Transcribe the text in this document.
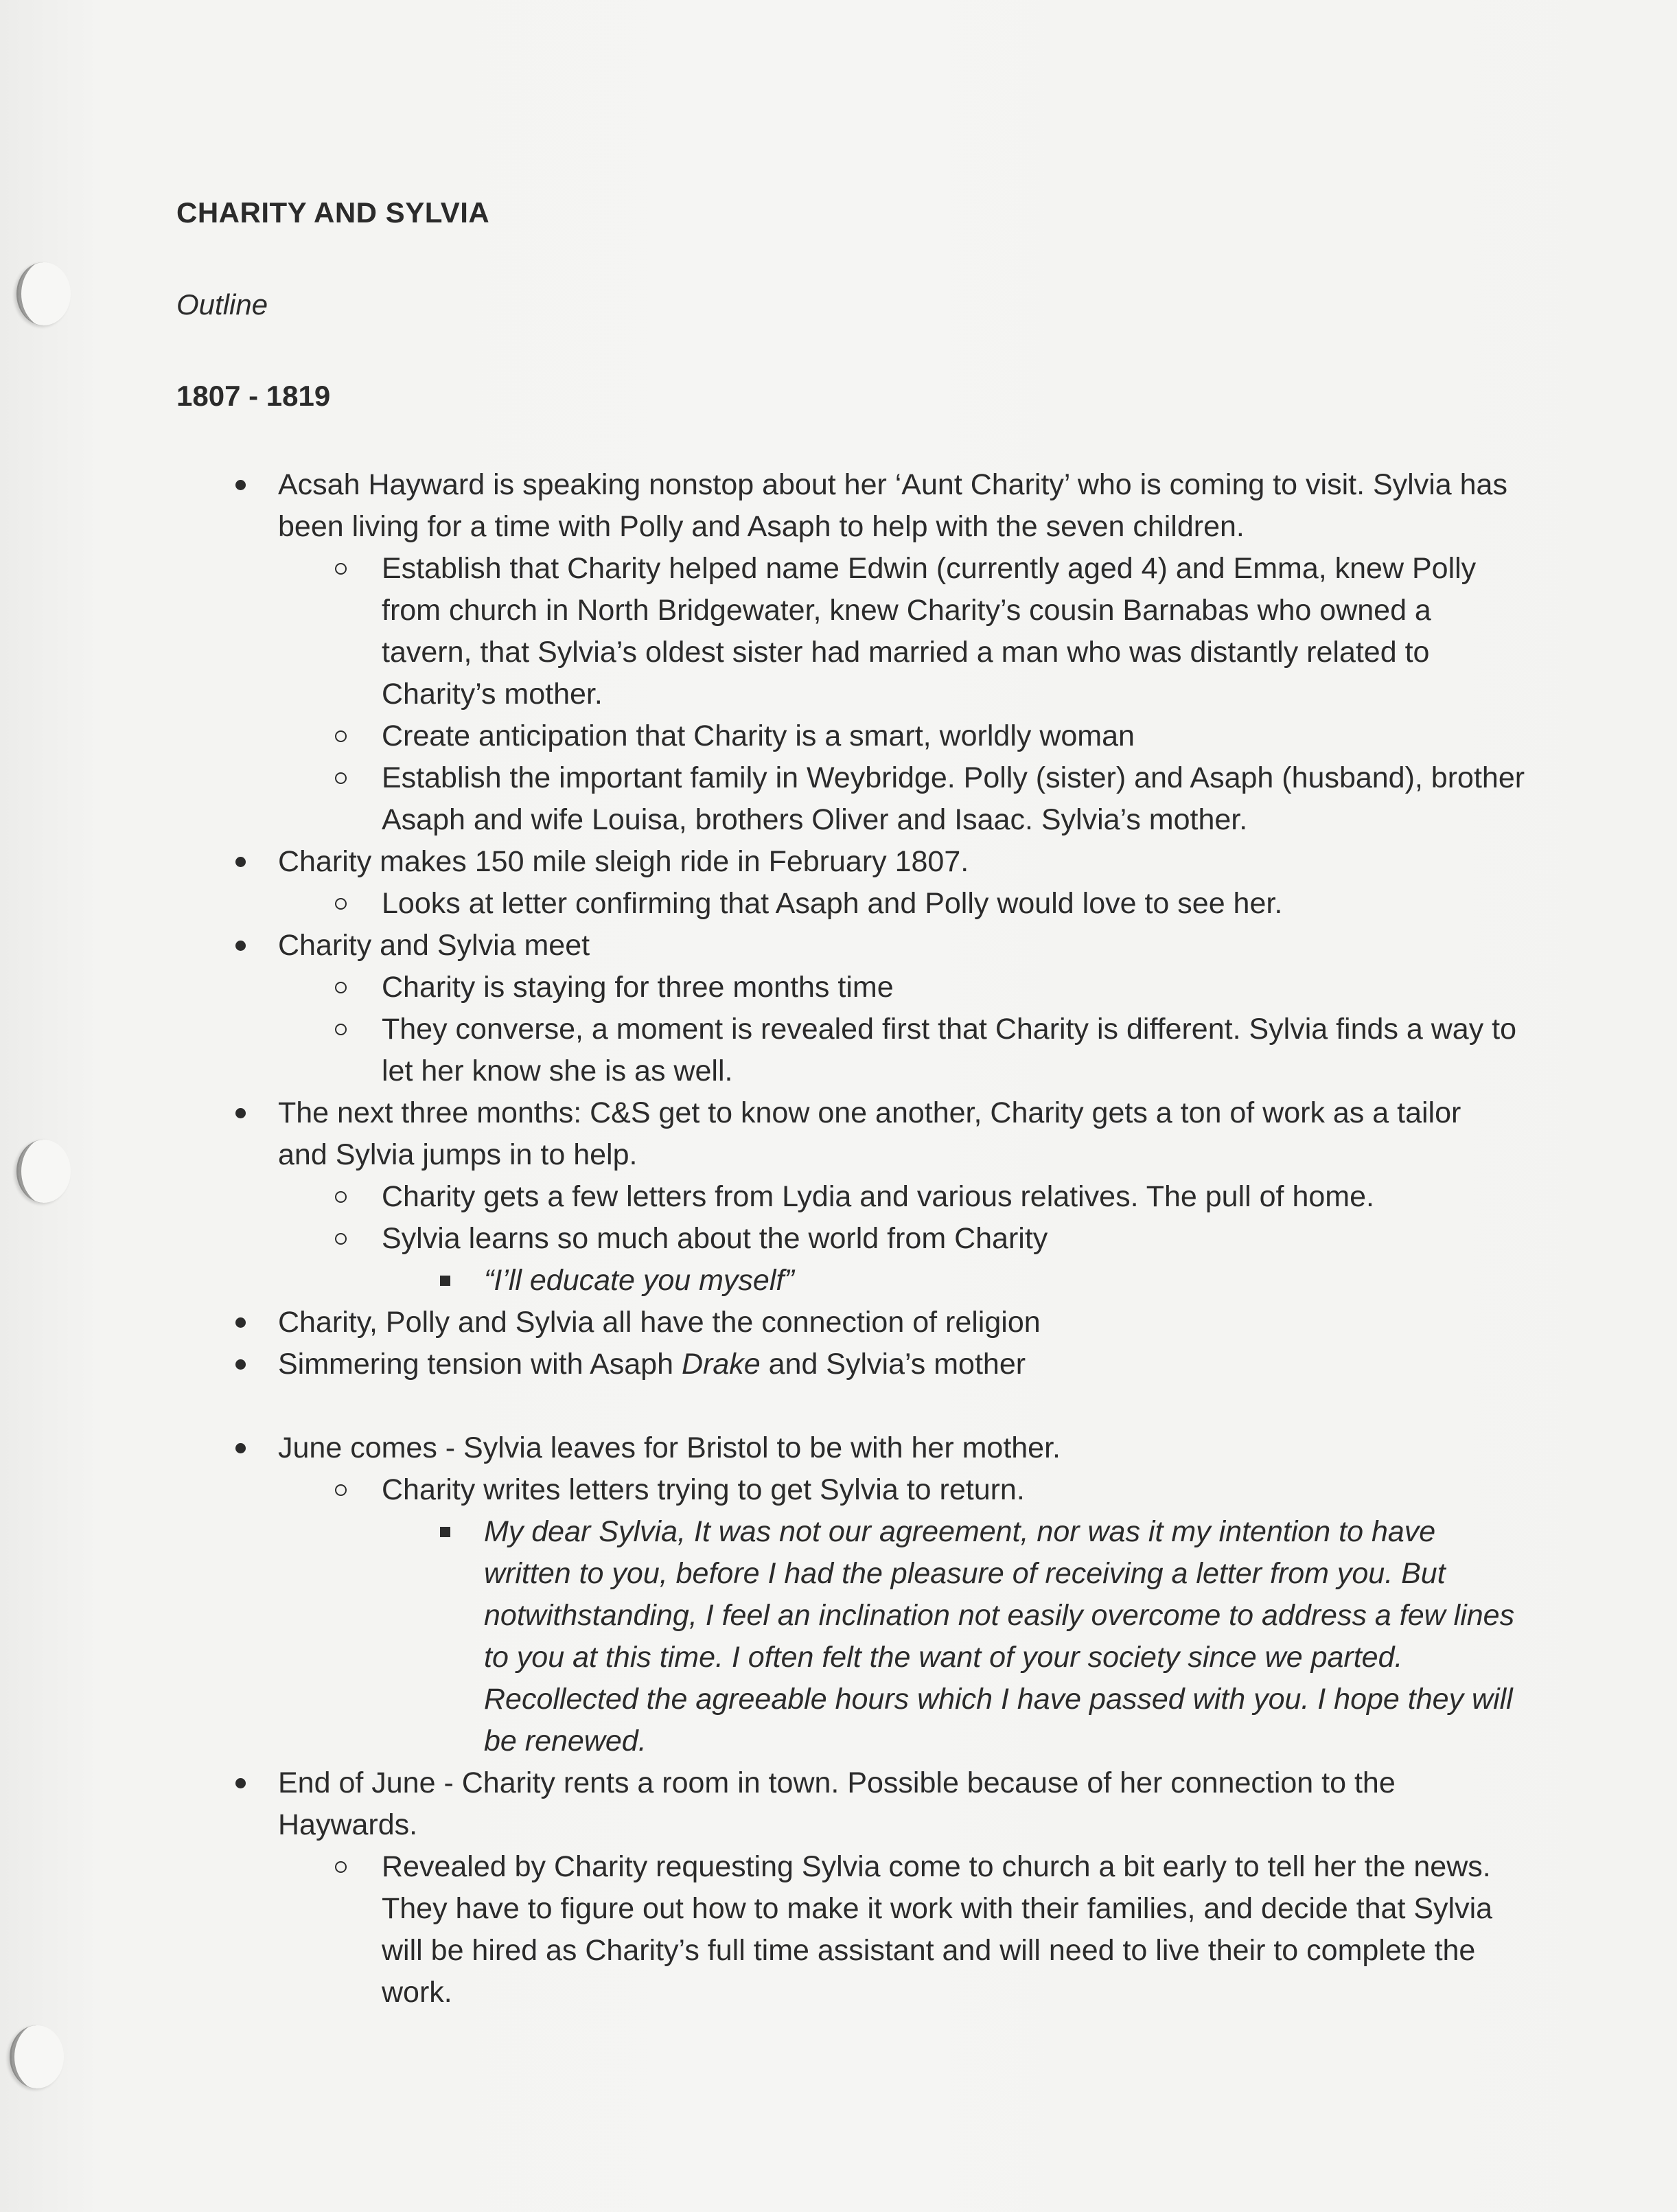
CHARITY AND SYLVIA
Outline
1807 - 1819
Acsah Hayward is speaking nonstop about her ‘Aunt Charity’ who is coming to visit. Sylvia has been living for a time with Polly and Asaph to help with the seven children.
Establish that Charity helped name Edwin (currently aged 4) and Emma, knew Polly from church in North Bridgewater, knew Charity’s cousin Barnabas who owned a tavern, that Sylvia’s oldest sister had married a man who was distantly related to Charity’s mother.
Create anticipation that Charity is a smart, worldly woman
Establish the important family in Weybridge. Polly (sister) and Asaph (husband), brother Asaph and wife Louisa, brothers Oliver and Isaac. Sylvia’s mother.
Charity makes 150 mile sleigh ride in February 1807.
Looks at letter confirming that Asaph and Polly would love to see her.
Charity and Sylvia meet
Charity is staying for three months time
They converse, a moment is revealed first that Charity is different. Sylvia finds a way to let her know she is as well.
The next three months: C&S get to know one another, Charity gets a ton of work as a tailor and Sylvia jumps in to help.
Charity gets a few letters from Lydia and various relatives. The pull of home.
Sylvia learns so much about the world from Charity
“I’ll educate you myself”
Charity, Polly and Sylvia all have the connection of religion
Simmering tension with Asaph Drake and Sylvia’s mother
June comes - Sylvia leaves for Bristol to be with her mother.
Charity writes letters trying to get Sylvia to return.
My dear Sylvia, It was not our agreement, nor was it my intention to have written to you, before I had the pleasure of receiving a letter from you. But notwithstanding, I feel an inclination not easily overcome to address a few lines to you at this time. I often felt the want of your society since we parted. Recollected the agreeable hours which I have passed with you. I hope they will be renewed.
End of June - Charity rents a room in town. Possible because of her connection to the Haywards.
Revealed by Charity requesting Sylvia come to church a bit early to tell her the news. They have to figure out how to make it work with their families, and decide that Sylvia will be hired as Charity’s full time assistant and will need to live their to complete the work.
